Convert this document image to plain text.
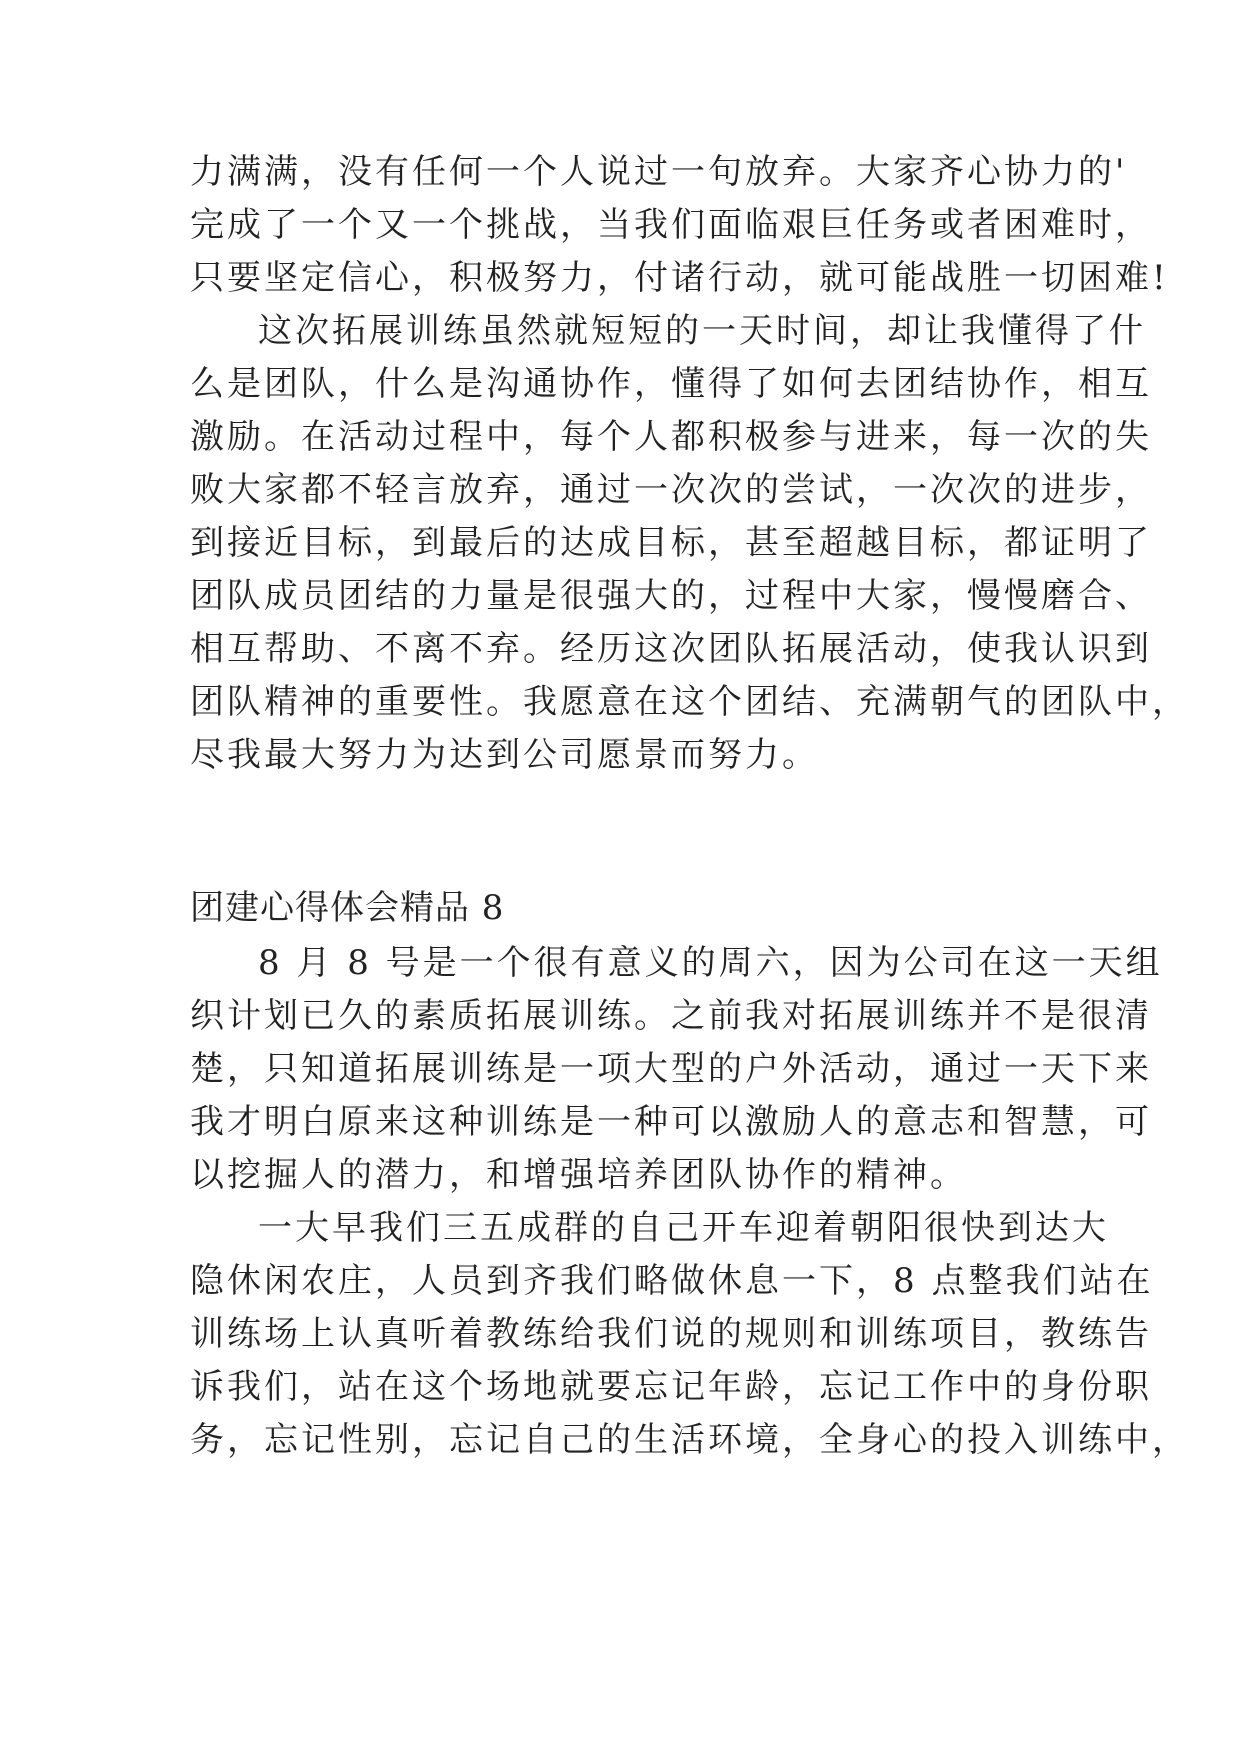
力满满，没有任何一个人说过一句放弃。大家齐心协力的'
完成了一个又一个挑战，当我们面临艰巨任务或者困难时，
只要坚定信心，积极努力，付诸行动，就可能战胜一切困难!
这次拓展训练虽然就短短的一天时间，却让我懂得了什
么是团队，什么是沟通协作，懂得了如何去团结协作，相互
激励。在活动过程中，每个人都积极参与进来，每一次的失
败大家都不轻言放弃，通过一次次的尝试，一次次的进步，
到接近目标，到最后的达成目标，甚至超越目标，都证明了
团队成员团结的力量是很强大的，过程中大家，慢慢磨合、
相互帮助、不离不弃。经历这次团队拓展活动，使我认识到
团队精神的重要性。我愿意在这个团结、充满朝气的团队中，
尽我最大努力为达到公司愿景而努力。
团建心得体会精品 8
8 月 8 号是一个很有意义的周六，因为公司在这一天组
织计划已久的素质拓展训练。之前我对拓展训练并不是很清
楚，只知道拓展训练是一项大型的户外活动，通过一天下来
我才明白原来这种训练是一种可以激励人的意志和智慧，可
以挖掘人的潜力，和增强培养团队协作的精神。
一大早我们三五成群的自己开车迎着朝阳很快到达大
隐休闲农庄，人员到齐我们略做休息一下，8 点整我们站在
训练场上认真听着教练给我们说的规则和训练项目，教练告
诉我们，站在这个场地就要忘记年龄，忘记工作中的身份职
务，忘记性别，忘记自己的生活环境，全身心的投入训练中，
